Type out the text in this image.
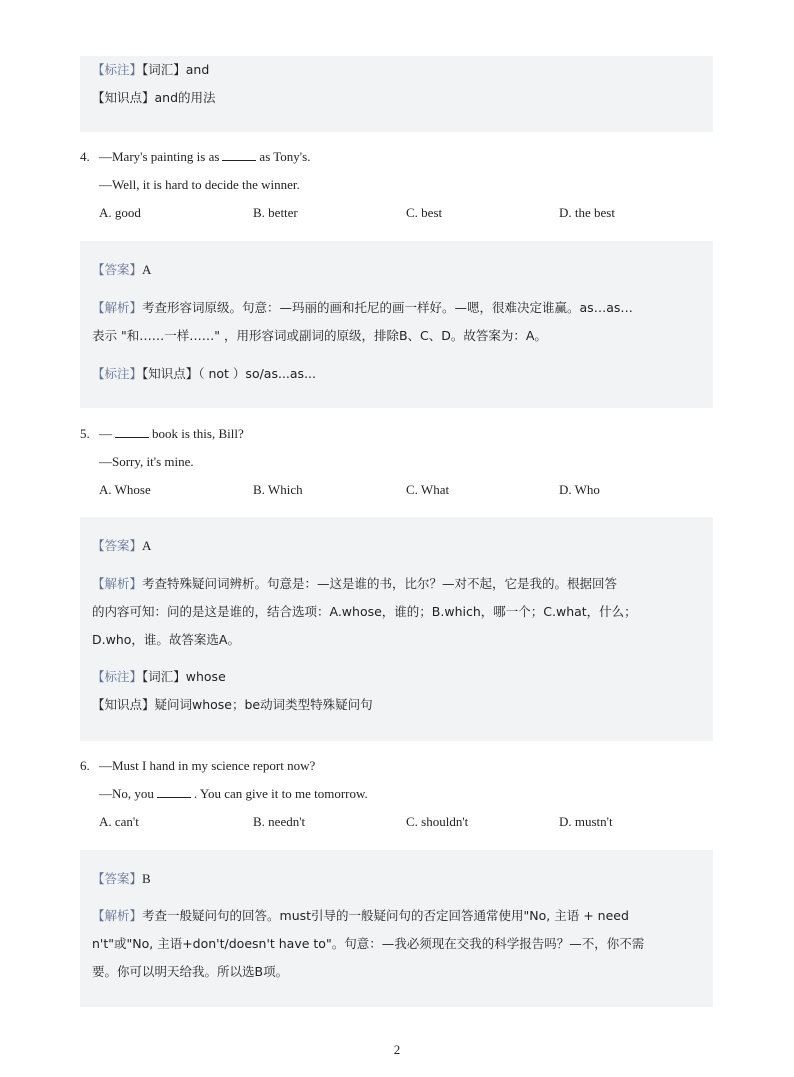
【标注】【词汇】and
【知识点】and的用法
4. —Mary's painting is as	as Tony's.
—Well, it is hard to decide the winner.
A. good	B. better	C. best	D. the best
【答案】A
【解析】考查形容词原级。句意：—玛丽的画和托尼的画一样好。—嗯，很难决定谁赢。as…as…
表示 "和……一样……" ，用形容词或副词的原级，排除B、C、D。故答案为：A。
【标注】【知识点】（ not ）so/as...as...
5. —	book is this, Bill?
—Sorry, it's mine.
A. Whose	B. Which	C. What	D. Who
【答案】A
【解析】考查特殊疑问词辨析。句意是：—这是谁的书，比尔？—对不起，它是我的。根据回答
的内容可知：问的是这是谁的，结合选项：A.whose，谁的；B.which，哪一个；C.what，什么；
D.who，谁。故答案选A。
【标注】【词汇】whose
【知识点】疑问词whose；be动词类型特殊疑问句
6. —Must I hand in my science report now?
—No, you	. You can give it to me tomorrow.
A. can't	B. needn't	C. shouldn't	D. mustn't
【答案】B
【解析】考查一般疑问句的回答。must引导的一般疑问句的否定回答通常使用"No, 主语 + need
n't"或"No, 主语+don't/doesn't have to"。句意：—我必须现在交我的科学报告吗？—不，你不需
要。你可以明天给我。所以选B项。
2
